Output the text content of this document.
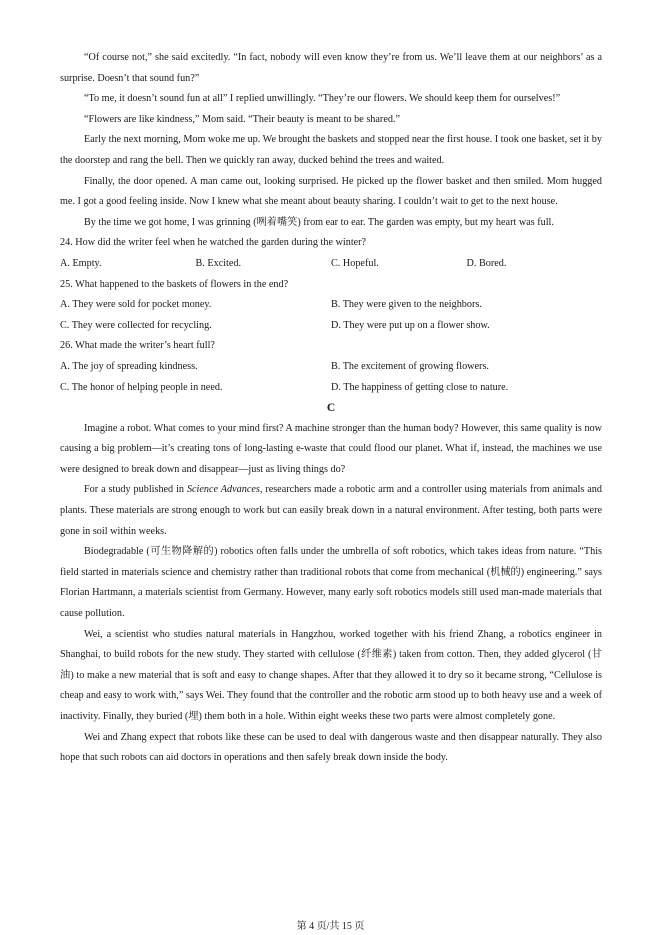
“Of course not,” she said excitedly. “In fact, nobody will even know they’re from us. We’ll leave them at our neighbors’ as a surprise. Doesn’t that sound fun?”

“To me, it doesn’t sound fun at all” I replied unwillingly. “They’re our flowers. We should keep them for ourselves!”

“Flowers are like kindness,” Mom said. “Their beauty is meant to be shared.”

Early the next morning, Mom woke me up. We brought the baskets and stopped near the first house. I took one basket, set it by the doorstep and rang the bell. Then we quickly ran away, ducked behind the trees and waited.

Finally, the door opened. A man came out, looking surprised. He picked up the flower basket and then smiled. Mom hugged me. I got a good feeling inside. Now I knew what she meant about beauty sharing. I couldn’t wait to get to the next house.

By the time we got home, I was grinning (咧着嘴笑) from ear to ear. The garden was empty, but my heart was full.

24. How did the writer feel when he watched the garden during the winter?

A. Empty.	B. Excited.	C. Hopeful.	D. Bored.

25. What happened to the baskets of flowers in the end?

A. They were sold for pocket money.	B. They were given to the neighbors.
C. They were collected for recycling.	D. They were put up on a flower show.

26. What made the writer’s heart full?

A. The joy of spreading kindness.	B. The excitement of growing flowers.
C. The honor of helping people in need.	D. The happiness of getting close to nature.

C

Imagine a robot. What comes to your mind first? A machine stronger than the human body? However, this same quality is now causing a big problem—it’s creating tons of long-lasting e-waste that could flood our planet. What if, instead, the machines we use were designed to break down and disappear—just as living things do?

For a study published in Science Advances, researchers made a robotic arm and a controller using materials from animals and plants. These materials are strong enough to work but can easily break down in a natural environment. After testing, both parts were gone in soil within weeks.

Biodegradable (可生物降解的) robotics often falls under the umbrella of soft robotics, which takes ideas from nature. “This field started in materials science and chemistry rather than traditional robots that come from mechanical (机械的) engineering.” says Florian Hartmann, a materials scientist from Germany. However, many early soft robotics models still used man-made materials that cause pollution.

Wei, a scientist who studies natural materials in Hangzhou, worked together with his friend Zhang, a robotics engineer in Shanghai, to build robots for the new study. They started with cellulose (纤维素) taken from cotton. Then, they added glycerol (甘油) to make a new material that is soft and easy to change shapes. After that they allowed it to dry so it became strong, “Cellulose is cheap and easy to work with,” says Wei. They found that the controller and the robotic arm stood up to both heavy use and a week of inactivity. Finally, they buried (埋) them both in a hole. Within eight weeks these two parts were almost completely gone.

Wei and Zhang expect that robots like these can be used to deal with dangerous waste and then disappear naturally. They also hope that such robots can aid doctors in operations and then safely break down inside the body.

第 4 页/共 15 页
